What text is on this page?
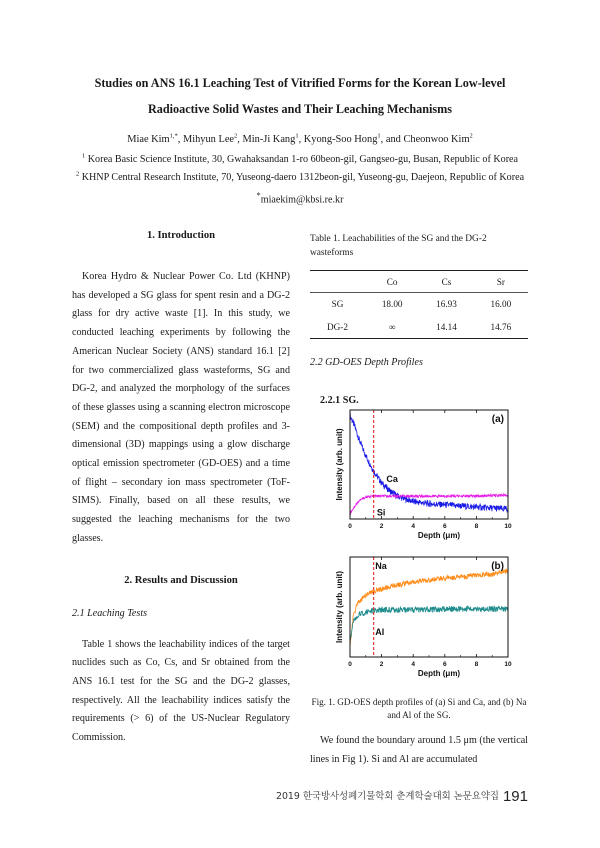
Studies on ANS 16.1 Leaching Test of Vitrified Forms for the Korean Low-level
Radioactive Solid Wastes and Their Leaching Mechanisms
Miae Kim$^{1,*}$, Mihyun Lee$^2$, Min-Ji Kang$^1$, Kyong-Soo Hong$^1$, and Cheonwoo Kim$^2$
$^1$ Korea Basic Science Institute, 30, Gwahaksandan 1-ro 60beon-gil, Gangseo-gu, Busan, Republic of Korea
$^2$ KHNP Central Research Institute, 70, Yuseong-daero 1312beon-gil, Yuseong-gu, Daejeon, Republic of Korea
*miaekim@kbsi.re.kr
1. Introduction
Korea Hydro & Nuclear Power Co. Ltd (KHNP) has developed a SG glass for spent resin and a DG-2 glass for dry active waste [1]. In this study, we conducted leaching experiments by following the American Nuclear Society (ANS) standard 16.1 [2] for two commercialized glass wasteforms, SG and DG-2, and analyzed the morphology of the surfaces of these glasses using a scanning electron microscope (SEM) and the compositional depth profiles and 3-dimensional (3D) mappings using a glow discharge optical emission spectrometer (GD-OES) and a time of flight – secondary ion mass spectrometer (ToF-SIMS). Finally, based on all these results, we suggested the leaching mechanisms for the two glasses.
2. Results and Discussion
2.1 Leaching Tests
Table 1 shows the leachability indices of the target nuclides such as Co, Cs, and Sr obtained from the ANS 16.1 test for the SG and the DG-2 glasses, respectively. All the leachability indices satisfy the requirements (> 6) of the US-Nuclear Regulatory Commission.
Table 1. Leachabilities of the SG and the DG-2 wasteforms
	Co	Cs	Sr
SG	18.00	16.93	16.00
DG-2	∞	14.14	14.76
2.2 GD-OES Depth Profiles
2.2.1 SG.
0	2	4	6	8	10
Depth (μm)
Intensity (arb. unit)
(a)
Ca
Si

0	2	4	6	8	10
Depth (μm)
Intensity (arb. unit)
(b)
Na
Al
Fig. 1. GD-OES depth profiles of (a) Si and Ca, and (b) Na and Al of the SG.
We found the boundary around 1.5 μm (the vertical lines in Fig 1). Si and Al are accumulated
2019 한국방사성폐기물학회 춘계학술대회 논문요약집 191
